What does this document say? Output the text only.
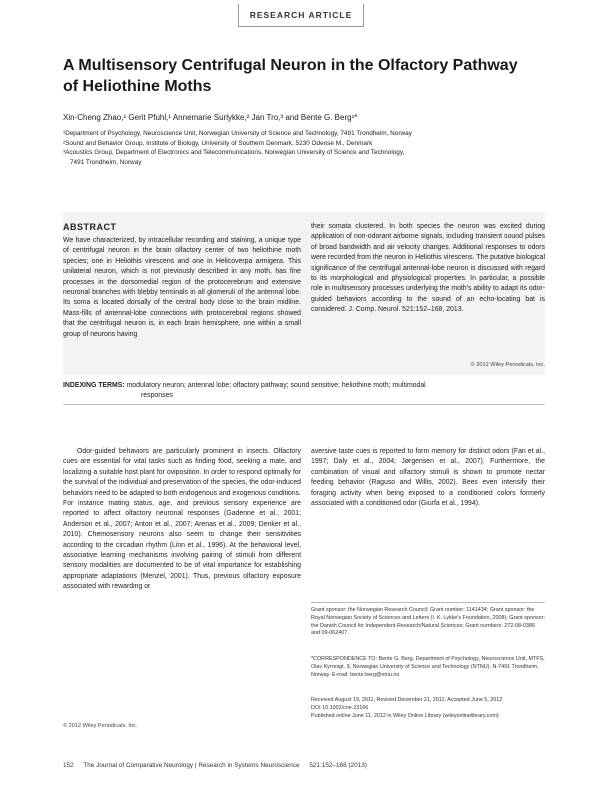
RESEARCH ARTICLE
A Multisensory Centrifugal Neuron in the Olfactory Pathway of Heliothine Moths
Xin-Cheng Zhao,¹ Gerit Pfuhl,¹ Annemarie Surlykke,² Jan Tro,³ and Bente G. Berg¹*
¹Department of Psychology, Neuroscience Unit, Norwegian University of Science and Technology, 7491 Trondheim, Norway
²Sound and Behavior Group, Institute of Biology, University of Southern Denmark, 5230 Odense M., Denmark
³Acoustics Group, Department of Electronics and Telecommunications, Norwegian University of Science and Technology,
7491 Trondheim, Norway
ABSTRACT
We have characterized, by intracellular recording and staining, a unique type of centrifugal neuron in the brain olfactory center of two heliothine moth species; one in Heliothis virescens and one in Helicoverpa armigera. This unilateral neuron, which is not previously described in any moth, has fine processes in the dorsomedial region of the protocerebrum and extensive neuronal branches with blebby terminals in all glomeruli of the antennal lobe. Its soma is located dorsally of the central body close to the brain midline. Mass-fills of antennal-lobe connections with protocerebral regions showed that the centrifugal neuron is, in each brain hemisphere, one within a small group of neurons having
their somata clustered. In both species the neuron was excited during application of non-odorant airborne signals, including transient sound pulses of broad bandwidth and air velocity changes. Additional responses to odors were recorded from the neuron in Heliothis virescens. The putative biological significance of the centrifugal antennal-lobe neuron is discussed with regard to its morphological and physiological properties. In particular, a possible role in multisensory processes underlying the moth's ability to adapt its odor-guided behaviors according to the sound of an echo-locating bat is considered. J. Comp. Neurol. 521:152–168, 2013.
© 2012 Wiley Periodicals, Inc.
INDEXING TERMS: modulatory neuron; antennal lobe; olfactory pathway; sound sensitive; heliothine moth; multimodal
responses

Odor-guided behaviors are particularly prominent in insects. Olfactory cues are essential for vital tasks such as finding food, seeking a mate, and localizing a suitable host plant for oviposition. In order to respond optimally for the survival of the individual and preservation of the species, the odor-induced behaviors need to be adapted to both endogenous and exogenous conditions. For instance mating status, age, and previous sensory experience are reported to affect olfactory neuronal responses (Gadenne et al., 2001; Anderson et al., 2007; Anton et al., 2007; Arenas et al., 2009; Denker et al., 2010). Chemosensory neurons also seem to change their sensitivities according to the circadian rhythm (Linn et al., 1996). At the behavioral level, associative learning mechanisms involving pairing of stimuli from different sensory modalities are documented to be of vital importance for establishing appropriate adaptations (Menzel, 2001). Thus, previous olfactory exposure associated with rewarding or

aversive taste cues is reported to form memory for distinct odors (Fan et al., 1997; Daly et al., 2004; Jørgensen et al., 2007). Furthermore, the combination of visual and olfactory stimuli is shown to promote nectar feeding behavior (Raguso and Willis, 2002). Bees even intensify their foraging activity when being exposed to a conditioned colors formerly associated with a conditioned odor (Giurfa et al., 1994).

© 2012 Wiley Periodicals, Inc.
Grant sponsor: the Norwegian Research Council; Grant number: 1141434; Grant sponsor: the Royal Norwegian Society of Sciences and Letters (I. K. Lykke's Foundation, 2008); Grant sponsor: the Danish Council for Independent Research/Natural Sciences; Grant numbers: 272-08-0386 and 09-062407.
*CORRESPONDENCE TO: Bente G. Berg, Department of Psychology, Neuroscience Unit, MTFS, Olav Kyrresgt. 9, Norwegian University of Science and Technology (NTNU), N-7491 Trondheim, Norway. E-mail: bente.berg@ntnu.no
Received August 19, 2011; Revised December 21, 2011; Accepted June 5, 2012
DOI 10.1002/cne.23166
Published online June 11, 2012 in Wiley Online Library (wileyonlinelibrary.com)
152 The Journal of Comparative Neurology | Research in Systems Neuroscience 521:152–168 (2013)
